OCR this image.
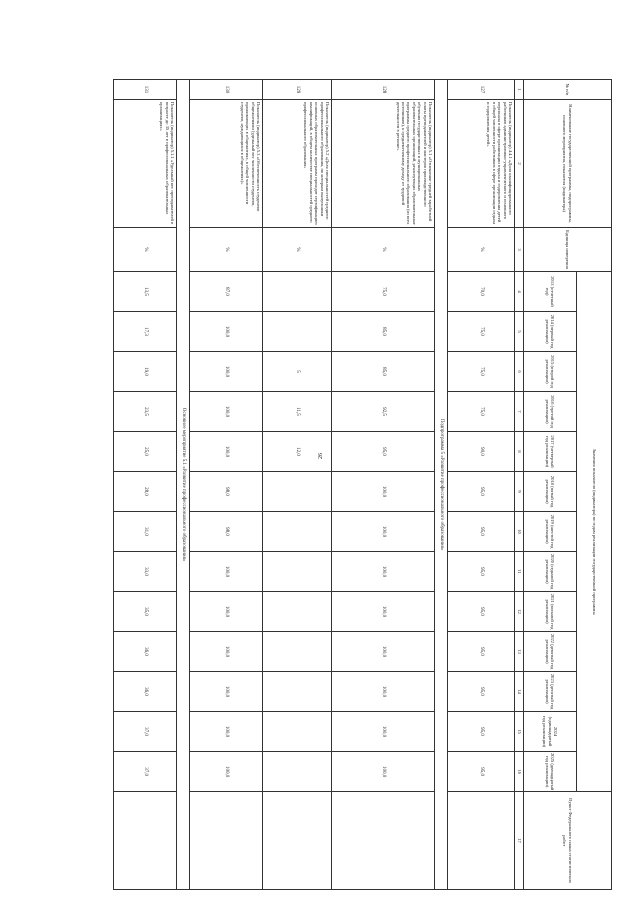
26
№ п/п	Наименование государственной программы, подпрограммы, основного мероприятия, показателя (индикатора)	Единица измерения	Значения показателя (индикатора) по годам реализации государственной программы													Пункт Федерального плана статистических работ
			2013 (отчетный год)	2014 (первый год реализации)	2015 (второй год реализации)	2016 (третий год реализации)	2017 (четвертый год реализации)	2018 (пятый год реализации)	2019 (шестой год реализации)	2020 (седьмой год реализации)	2021 (восьмой год реализации)	2022 (девятый год реализации)	2023 (десятый год реализации)	2024 (одиннадцатый год реализации)	2025 (двенадцатый год реализации)	
1	2	3	4	5	6	7	8	9	10	11	12	13	14	15	16	17
127	Показатель (индикатор) 4.4.1 «Доля квалифицированного работников административно-управленческого и основного персонала в сфере организации отдыха и оздоровления детей в общей численности работников в сфере организации отдыха и оздоровления детей»	%	70,0	75,0	75,0	75,0	90,0	95,0	95,0	95,0	95,0	95,0	95,0	95,0	95,0	
Подпрограмма 5 «Развитие профессионального образования»																
128	Показатель (индикатор) 5.1 «Отношение средней заработной платы преподавателей и мастеров производственного обучения государственных и муниципальных образовательных организаций, реализующих образовательные программы среднего профессионального образования (из всех источников), к среднемесячному доходу от трудовой деятельности в регионе»	%	75,0	85,0	85,0	92,5	95,0	100,0	100,0	100,0	100,0	100,0	100,0	100,0	100,0	
129	Показатель (индикатор) 5.2 «Доля специальностей среднего профессионального образования, по которым выпускники основных образовательных программ проходят сертификацию квалификаций, в общем количестве специальностей среднего профессионального образования»	%			5	11,5	12,0									
130	Показатель (индикатор) 5.3 «Обеспеченность студентов общежитиями (удельный вес численности студентов, проживающих в общежитиях, в общей численности студентов, нуждающихся в общежитиях)»	%	87,0	100,0	100,0	100,0	100,0	98,0	98,0	100,0	100,0	100,0	100,0	100,0	100,0	
Основное мероприятие 5.1 «Развитие профессионального образования»																
131	Показатель (индикатор) 5.1.1 «Удельный вес преподавателей в возрасте до 35 лет в профессиональных образовательных организациях»	%	13,5	17,3	19,0	23,5	25,0	28,0	31,0	33,0	35,0	36,0	36,0	37,0	37,0	
